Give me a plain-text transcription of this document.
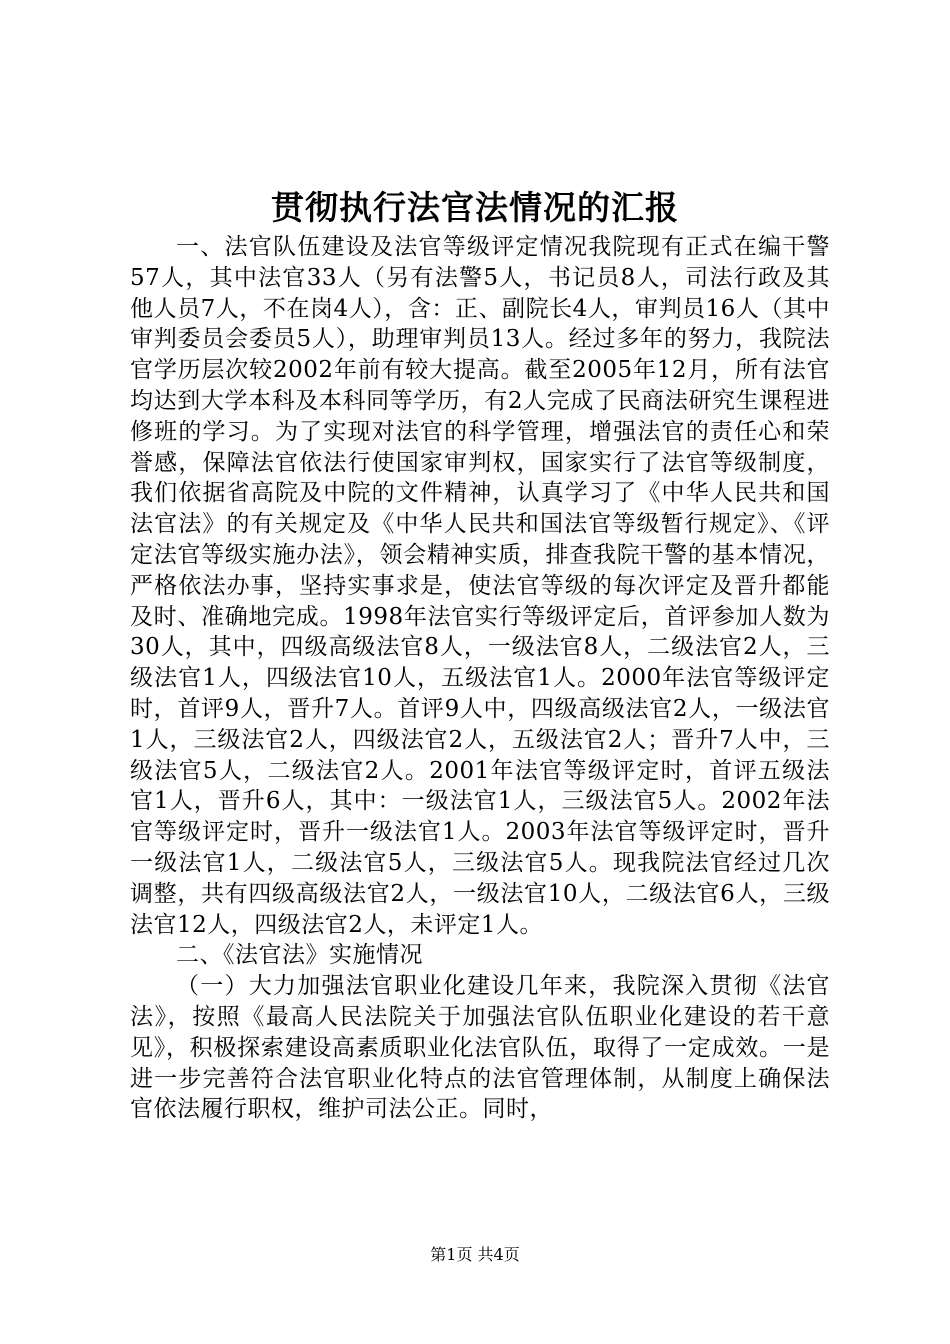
贯彻执行法官法情况的汇报

一、法官队伍建设及法官等级评定情况我院现有正式在编干警57人，其中法官33人（另有法警5人，书记员8人，司法行政及其他人员7人，不在岗4人），含：正、副院长4人，审判员16人（其中审判委员会委员5人），助理审判员13人。经过多年的努力，我院法官学历层次较2002年前有较大提高。截至2005年12月，所有法官均达到大学本科及本科同等学历，有2人完成了民商法研究生课程进修班的学习。为了实现对法官的科学管理，增强法官的责任心和荣誉感，保障法官依法行使国家审判权，国家实行了法官等级制度，我们依据省高院及中院的文件精神，认真学习了《中华人民共和国法官法》的有关规定及《中华人民共和国法官等级暂行规定》、《评定法官等级实施办法》，领会精神实质，排查我院干警的基本情况，严格依法办事，坚持实事求是，使法官等级的每次评定及晋升都能及时、准确地完成。1998年法官实行等级评定后，首评参加人数为30人，其中，四级高级法官8人，一级法官8人，二级法官2人，三级法官1人，四级法官10人，五级法官1人。2000年法官等级评定时，首评9人，晋升7人。首评9人中，四级高级法官2人，一级法官1人，三级法官2人，四级法官2人，五级法官2人；晋升7人中，三级法官5人，二级法官2人。2001年法官等级评定时，首评五级法官1人，晋升6人，其中：一级法官1人，三级法官5人。2002年法官等级评定时，晋升一级法官1人。2003年法官等级评定时，晋升一级法官1人，二级法官5人，三级法官5人。现我院法官经过几次调整，共有四级高级法官2人，一级法官10人，二级法官6人，三级法官12人，四级法官2人，未评定1人。

二、《法官法》实施情况

（一）大力加强法官职业化建设几年来，我院深入贯彻《法官法》，按照《最高人民法院关于加强法官队伍职业化建设的若干意见》，积极探索建设高素质职业化法官队伍，取得了一定成效。一是进一步完善符合法官职业化特点的法官管理体制，从制度上确保法官依法履行职权，维护司法公正。同时，

第1页 共4页
